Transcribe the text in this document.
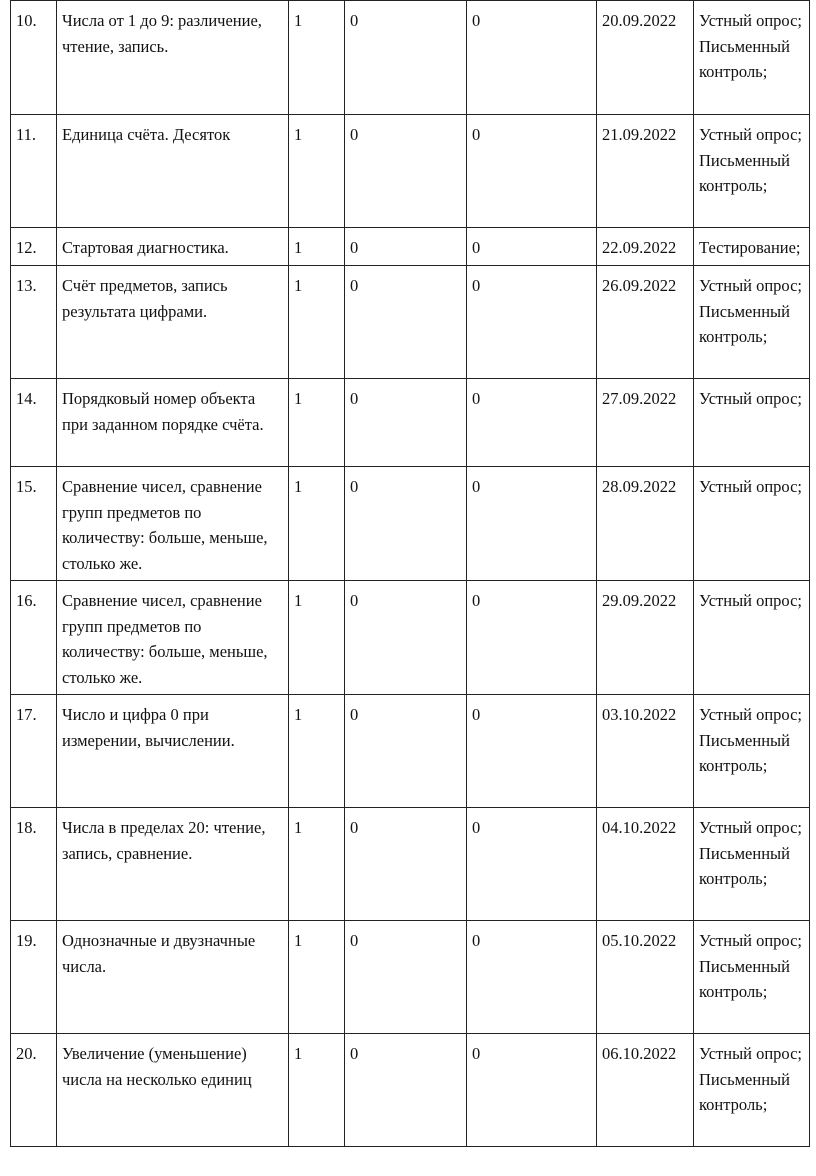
10.	Числа от 1 до 9: различение, чтение, запись.	1	0	0	20.09.2022	Устный опрос; Письменный контроль;
11.	Единица счёта. Десяток	1	0	0	21.09.2022	Устный опрос; Письменный контроль;
12.	Стартовая диагностика.	1	0	0	22.09.2022	Тестирование;
13.	Счёт предметов, запись результата цифрами.	1	0	0	26.09.2022	Устный опрос; Письменный контроль;
14.	Порядковый номер объекта при заданном порядке счёта.	1	0	0	27.09.2022	Устный опрос;
15.	Сравнение чисел, сравнение групп предметов по количеству: больше, меньше, столько же.	1	0	0	28.09.2022	Устный опрос;
16.	Сравнение чисел, сравнение групп предметов по количеству: больше, меньше, столько же.	1	0	0	29.09.2022	Устный опрос;
17.	Число и цифра 0 при измерении, вычислении.	1	0	0	03.10.2022	Устный опрос; Письменный контроль;
18.	Числа в пределах 20: чтение, запись, сравнение.	1	0	0	04.10.2022	Устный опрос; Письменный контроль;
19.	Однозначные и двузначные числа.	1	0	0	05.10.2022	Устный опрос; Письменный контроль;
20.	Увеличение (уменьшение) числа на несколько единиц	1	0	0	06.10.2022	Устный опрос; Письменный контроль;
